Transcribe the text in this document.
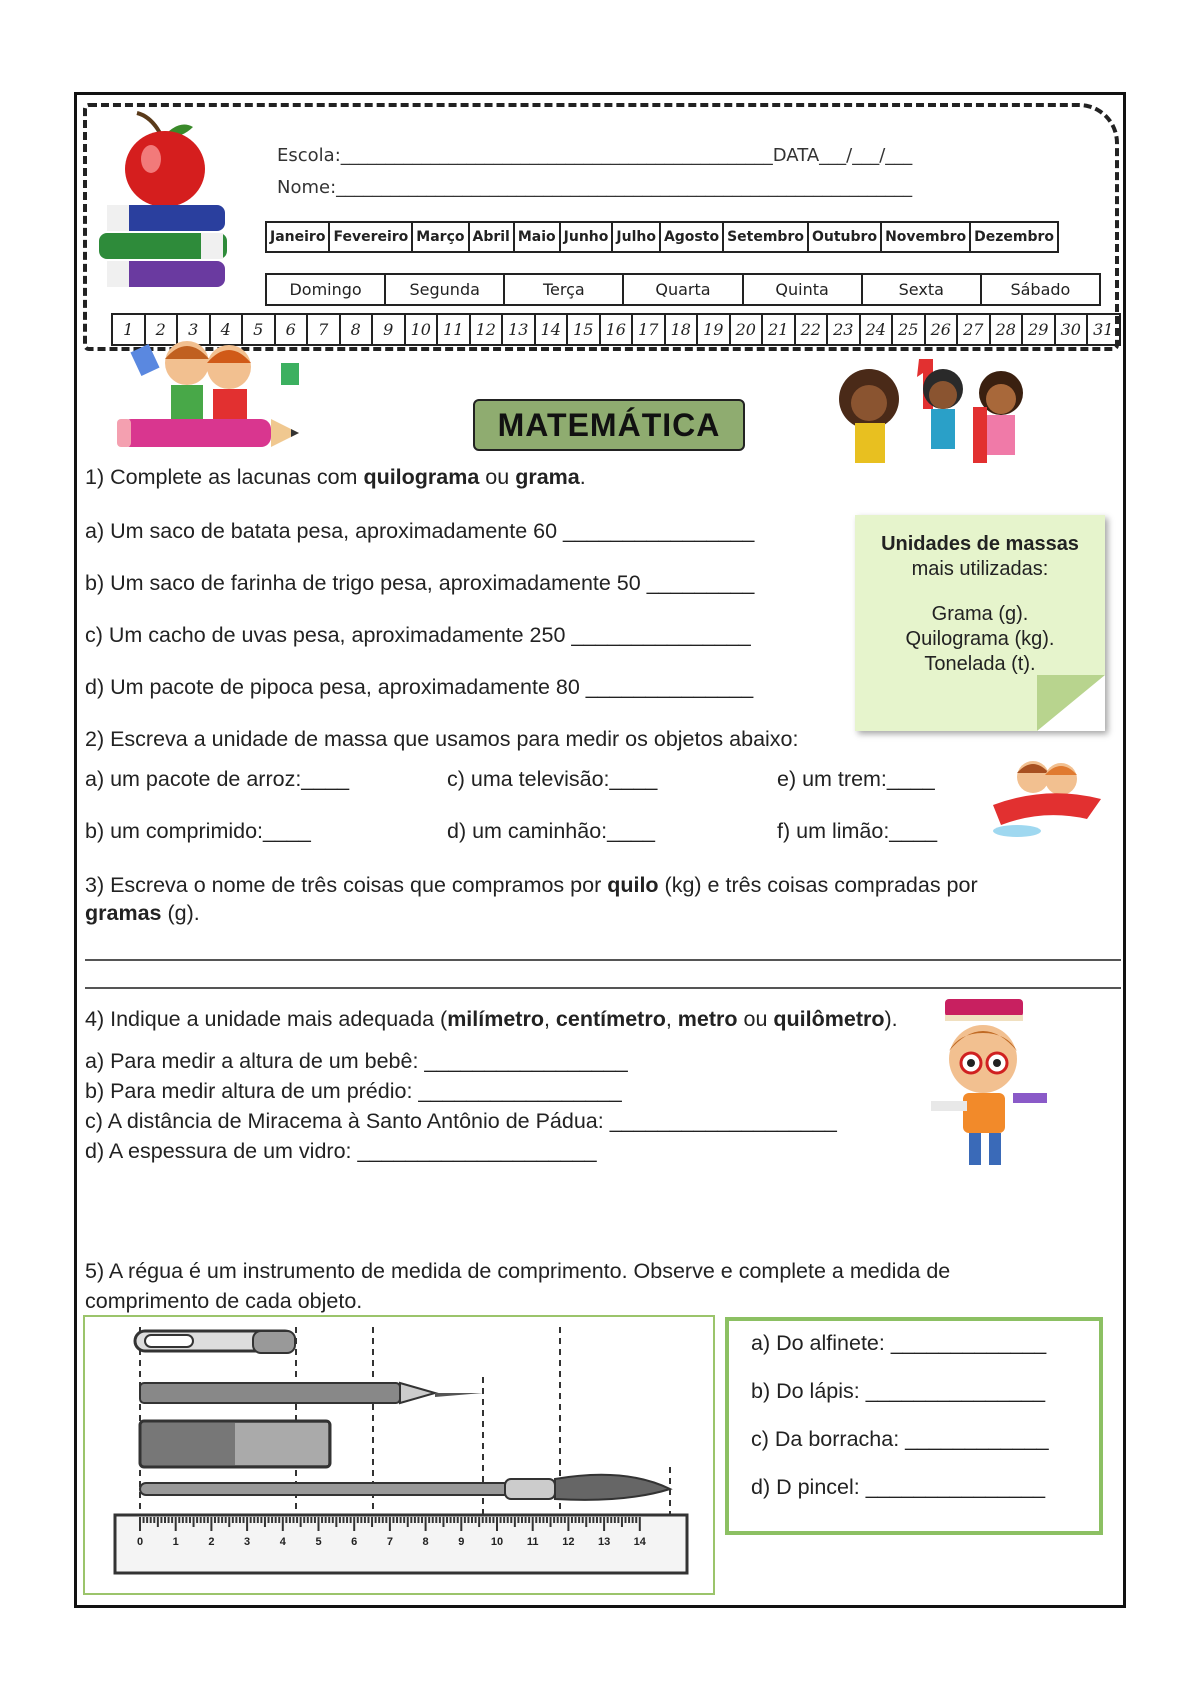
Escola:________________________________________________DATA___/___/___
Nome:________________________________________________________________
Janeiro Fevereiro Março Abril Maio Junho Julho Agosto Setembro Outubro Novembro Dezembro
Domingo	Segunda	Terça	Quarta	Quinta	Sexta	Sábado
1	2	3	4	5	6	7	8	9	10 11 12 13 14 15 16 17 18 19 20 21 22 23 24 25 26 27 28 29 30 31
MATEMÁTICA
1) Complete as lacunas com quilograma ou grama.
a) Um saco de batata pesa, aproximadamente 60 ________________
b) Um saco de farinha de trigo pesa, aproximadamente 50 _________
c) Um cacho de uvas pesa, aproximadamente 250 _______________
d) Um pacote de pipoca pesa, aproximadamente 80 ______________
Unidades de massas
mais utilizadas:
Grama (g).
Quilograma (kg).
Tonelada (t).
2) Escreva a unidade de massa que usamos para medir os objetos abaixo:
a) um pacote de arroz:____	c) uma televisão:____	e) um trem:____
b) um comprimido:____	d) um caminhão:____	f) um limão:____
3) Escreva o nome de três coisas que compramos por quilo (kg) e três coisas compradas por
gramas (g).
4) Indique a unidade mais adequada (milímetro, centímetro, metro ou quilômetro).
a) Para medir a altura de um bebê: _________________
b) Para medir altura de um prédio: _________________
c) A distância de Miracema à Santo Antônio de Pádua: ___________________
d) A espessura de um vidro: ____________________
5) A régua é um instrumento de medida de comprimento. Observe e complete a medida de
comprimento de cada objeto.
0	1	2	3	4	5	6	7	8	9 10 11 12 13 14
a) Do alfinete: _____________
b) Do lápis: _______________
c) Da borracha: ____________
d) D pincel: _______________
